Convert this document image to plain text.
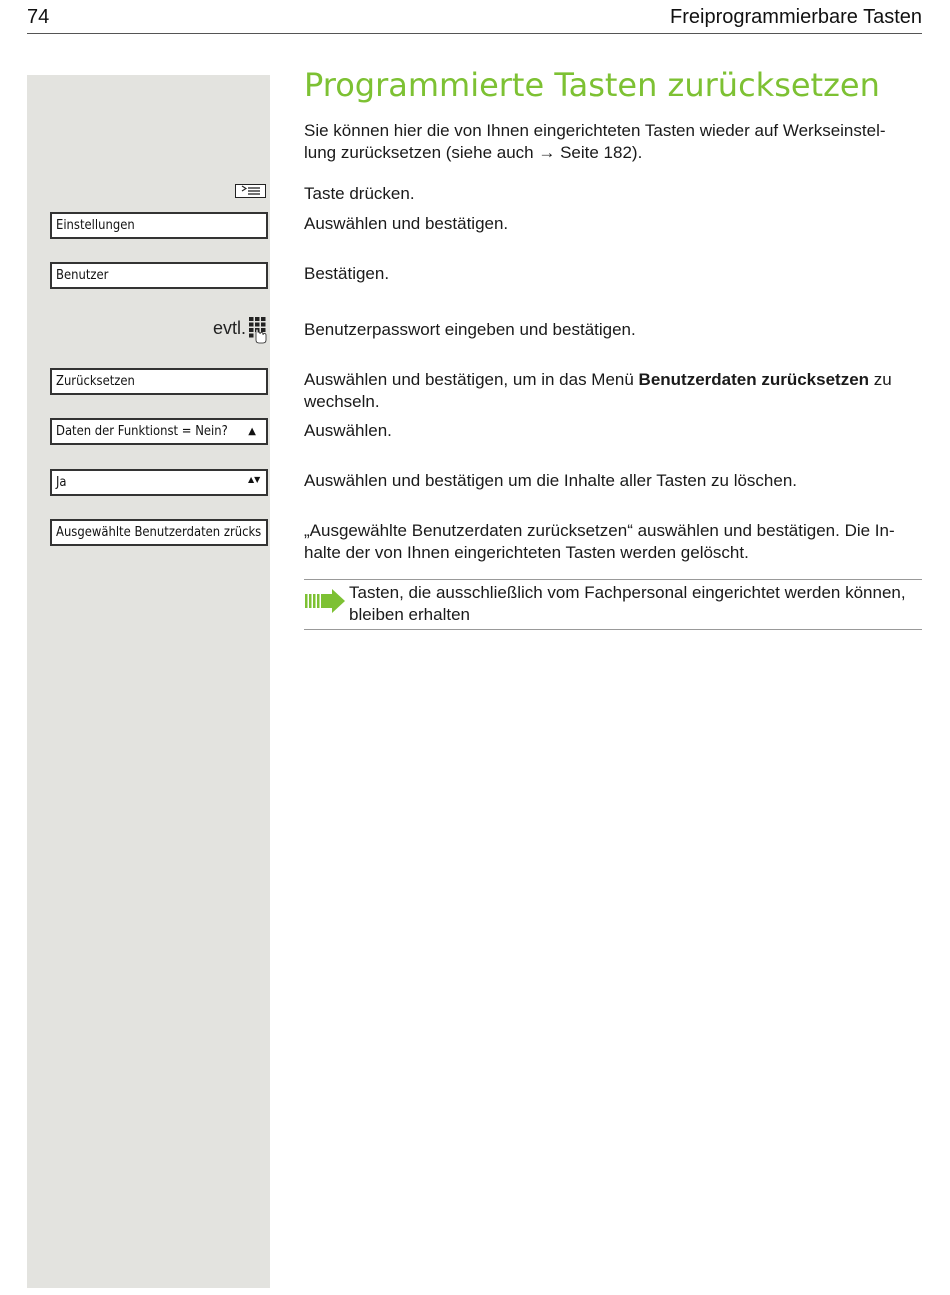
74	Freiprogrammierbare Tasten
Programmierte Tasten zurücksetzen
Sie können hier die von Ihnen eingerichteten Tasten wieder auf Werkseinstel-
lung zurücksetzen (siehe auch → Seite 182).
Taste drücken.
Einstellungen	Auswählen und bestätigen.
Benutzer	Bestätigen.
evtl.	Benutzerpasswort eingeben und bestätigen.
Zurücksetzen	Auswählen und bestätigen, um in das Menü Benutzerdaten zurücksetzen zu wechseln.
Daten der Funktionst = Nein? ▲	Auswählen.
Ja	▲▼	Auswählen und bestätigen um die Inhalte aller Tasten zu löschen.
Ausgewählte Benutzerdaten zrücks	„Ausgewählte Benutzerdaten zurücksetzen“ auswählen und bestätigen. Die In-
halte der von Ihnen eingerichteten Tasten werden gelöscht.
Tasten, die ausschließlich vom Fachpersonal eingerichtet werden können, bleiben erhalten
